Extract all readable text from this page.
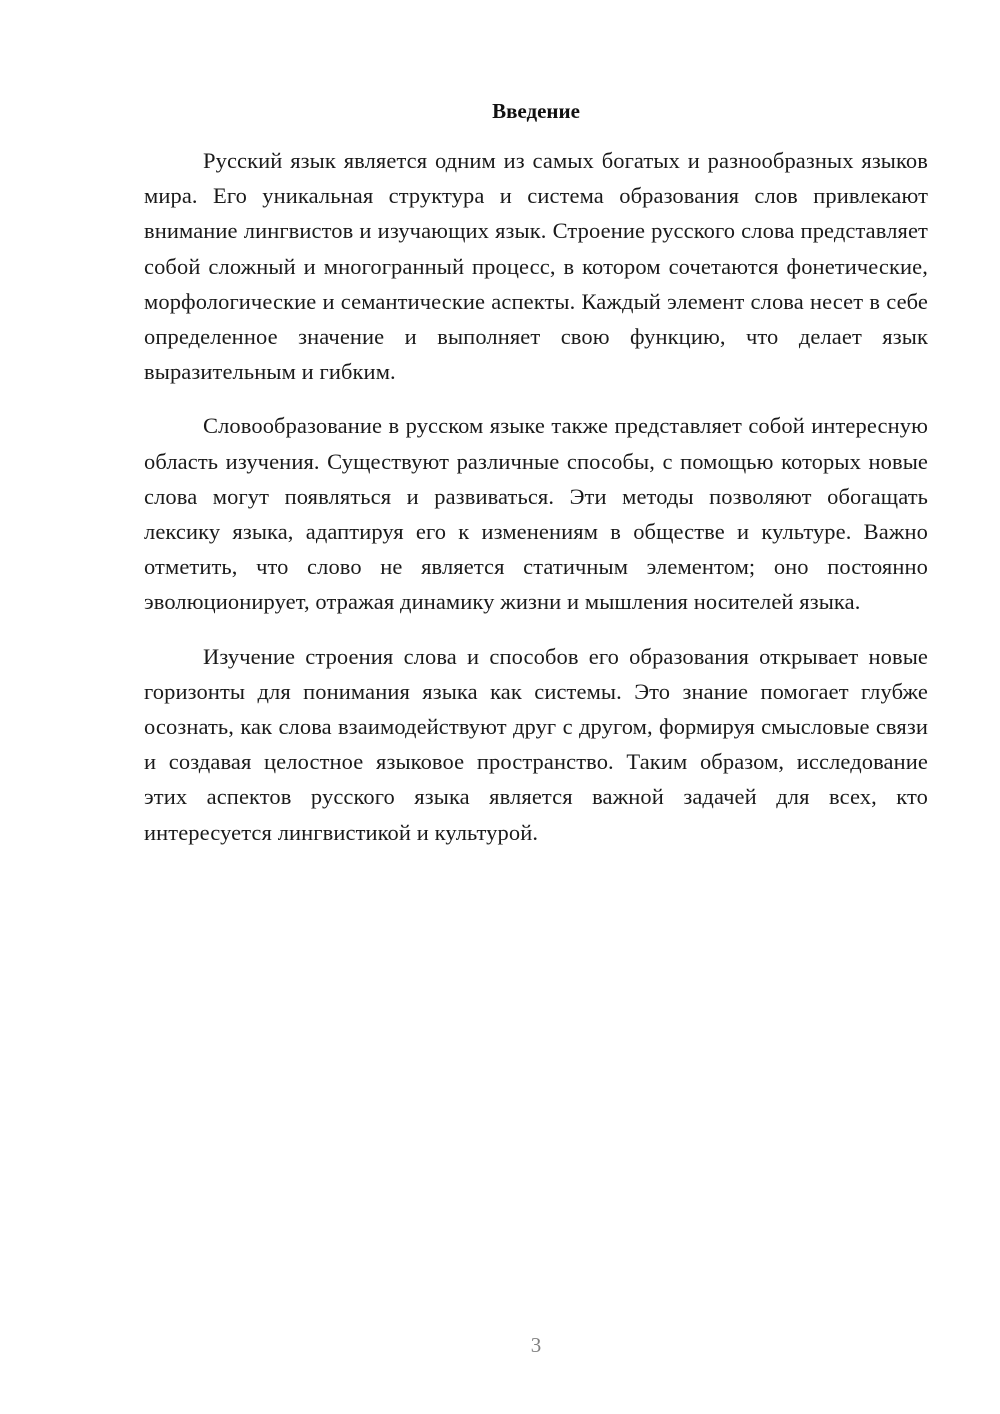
Введение

Русский язык является одним из самых богатых и разнообразных языков мира. Его уникальная структура и система образования слов привлекают внимание лингвистов и изучающих язык. Строение русского слова представляет собой сложный и многогранный процесс, в котором сочетаются фонетические, морфологические и семантические аспекты. Каждый элемент слова несет в себе определенное значение и выполняет свою функцию, что делает язык выразительным и гибким.

Словообразование в русском языке также представляет собой интересную область изучения. Существуют различные способы, с помощью которых новые слова могут появляться и развиваться. Эти методы позволяют обогащать лексику языка, адаптируя его к изменениям в обществе и культуре. Важно отметить, что слово не является статичным элементом; оно постоянно эволюционирует, отражая динамику жизни и мышления носителей языка.

Изучение строения слова и способов его образования открывает новые горизонты для понимания языка как системы. Это знание помогает глубже осознать, как слова взаимодействуют друг с другом, формируя смысловые связи и создавая целостное языковое пространство. Таким образом, исследование этих аспектов русского языка является важной задачей для всех, кто интересуется лингвистикой и культурой.

3
